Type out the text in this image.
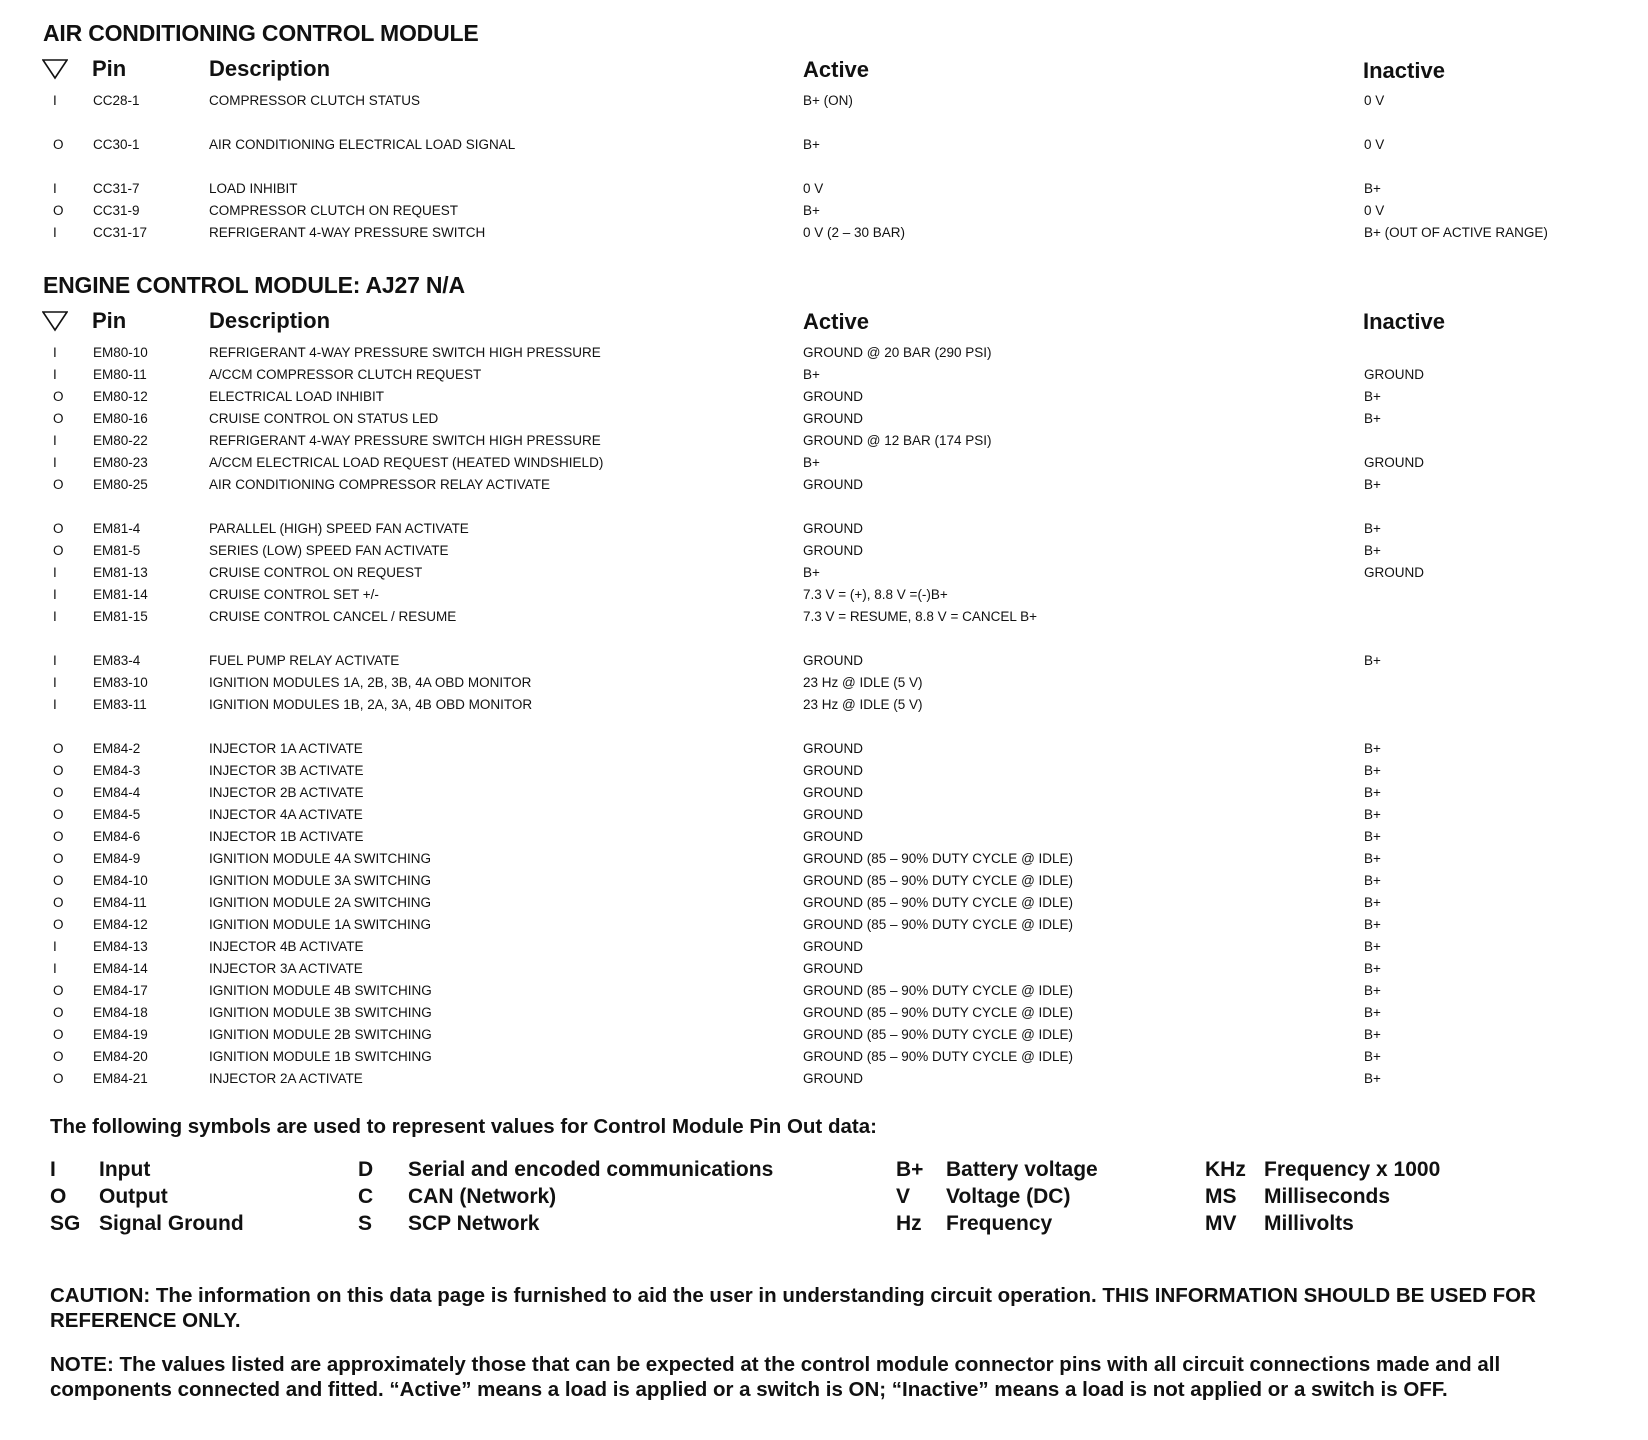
AIR CONDITIONING CONTROL MODULE
Pin	Description	Active	Inactive
I	CC28-1	COMPRESSOR CLUTCH STATUS	B+ (ON)	0 V
O CC30-1	AIR CONDITIONING ELECTRICAL LOAD SIGNAL	B+	0 V
I	CC31-7	LOAD INHIBIT	0 V	B+
O CC31-9	COMPRESSOR CLUTCH ON REQUEST	B+	0 V
I	CC31-17	REFRIGERANT 4-WAY PRESSURE SWITCH	0 V (2 – 30 BAR)	B+ (OUT OF ACTIVE RANGE)
ENGINE CONTROL MODULE: AJ27 N/A
Pin	Description	Active	Inactive
I	EM80-10	REFRIGERANT 4-WAY PRESSURE SWITCH HIGH PRESSURE	GROUND @ 20 BAR (290 PSI)
I	EM80-11	A/CCM COMPRESSOR CLUTCH REQUEST	B+	GROUND
O EM80-12	ELECTRICAL LOAD INHIBIT	GROUND	B+
O EM80-16	CRUISE CONTROL ON STATUS LED	GROUND	B+
I	EM80-22	REFRIGERANT 4-WAY PRESSURE SWITCH HIGH PRESSURE	GROUND @ 12 BAR (174 PSI)
I	EM80-23	A/CCM ELECTRICAL LOAD REQUEST (HEATED WINDSHIELD)	B+	GROUND
O EM80-25	AIR CONDITIONING COMPRESSOR RELAY ACTIVATE	GROUND	B+
O EM81-4	PARALLEL (HIGH) SPEED FAN ACTIVATE	GROUND	B+
O EM81-5	SERIES (LOW) SPEED FAN ACTIVATE	GROUND	B+
I	EM81-13	CRUISE CONTROL ON REQUEST	B+	GROUND
I	EM81-14	CRUISE CONTROL SET +/-	7.3 V = (+), 8.8 V =(-)B+
I	EM81-15	CRUISE CONTROL CANCEL / RESUME	7.3 V = RESUME, 8.8 V = CANCEL B+
I	EM83-4	FUEL PUMP RELAY ACTIVATE	GROUND	B+
I	EM83-10	IGNITION MODULES 1A, 2B, 3B, 4A OBD MONITOR	23 Hz @ IDLE (5 V)
I	EM83-11	IGNITION MODULES 1B, 2A, 3A, 4B OBD MONITOR	23 Hz @ IDLE (5 V)
O EM84-2	INJECTOR 1A ACTIVATE	GROUND	B+
O EM84-3	INJECTOR 3B ACTIVATE	GROUND	B+
O EM84-4	INJECTOR 2B ACTIVATE	GROUND	B+
O EM84-5	INJECTOR 4A ACTIVATE	GROUND	B+
O EM84-6	INJECTOR 1B ACTIVATE	GROUND	B+
O EM84-9	IGNITION MODULE 4A SWITCHING	GROUND (85 – 90% DUTY CYCLE @ IDLE)	B+
O EM84-10	IGNITION MODULE 3A SWITCHING	GROUND (85 – 90% DUTY CYCLE @ IDLE)	B+
O EM84-11	IGNITION MODULE 2A SWITCHING	GROUND (85 – 90% DUTY CYCLE @ IDLE)	B+
O EM84-12	IGNITION MODULE 1A SWITCHING	GROUND (85 – 90% DUTY CYCLE @ IDLE)	B+
I	EM84-13	INJECTOR 4B ACTIVATE	GROUND	B+
I	EM84-14	INJECTOR 3A ACTIVATE	GROUND	B+
O EM84-17	IGNITION MODULE 4B SWITCHING	GROUND (85 – 90% DUTY CYCLE @ IDLE)	B+
O EM84-18	IGNITION MODULE 3B SWITCHING	GROUND (85 – 90% DUTY CYCLE @ IDLE)	B+
O EM84-19	IGNITION MODULE 2B SWITCHING	GROUND (85 – 90% DUTY CYCLE @ IDLE)	B+
O EM84-20	IGNITION MODULE 1B SWITCHING	GROUND (85 – 90% DUTY CYCLE @ IDLE)	B+
O EM84-21	INJECTOR 2A ACTIVATE	GROUND	B+
The following symbols are used to represent values for Control Module Pin Out data:
I Input
O Output
SG Signal Ground
D Serial and encoded communications
C CAN (Network)
S SCP Network
B+ Battery voltage
V Voltage (DC)
Hz Frequency
KHz Frequency x 1000
MS Milliseconds
MV Millivolts
CAUTION: The information on this data page is furnished to aid the user in understanding circuit operation. THIS INFORMATION SHOULD BE USED FOR REFERENCE ONLY.
NOTE: The values listed are approximately those that can be expected at the control module connector pins with all circuit connections made and all components connected and fitted. “Active” means a load is applied or a switch is ON; “Inactive” means a load is not applied or a switch is OFF.
